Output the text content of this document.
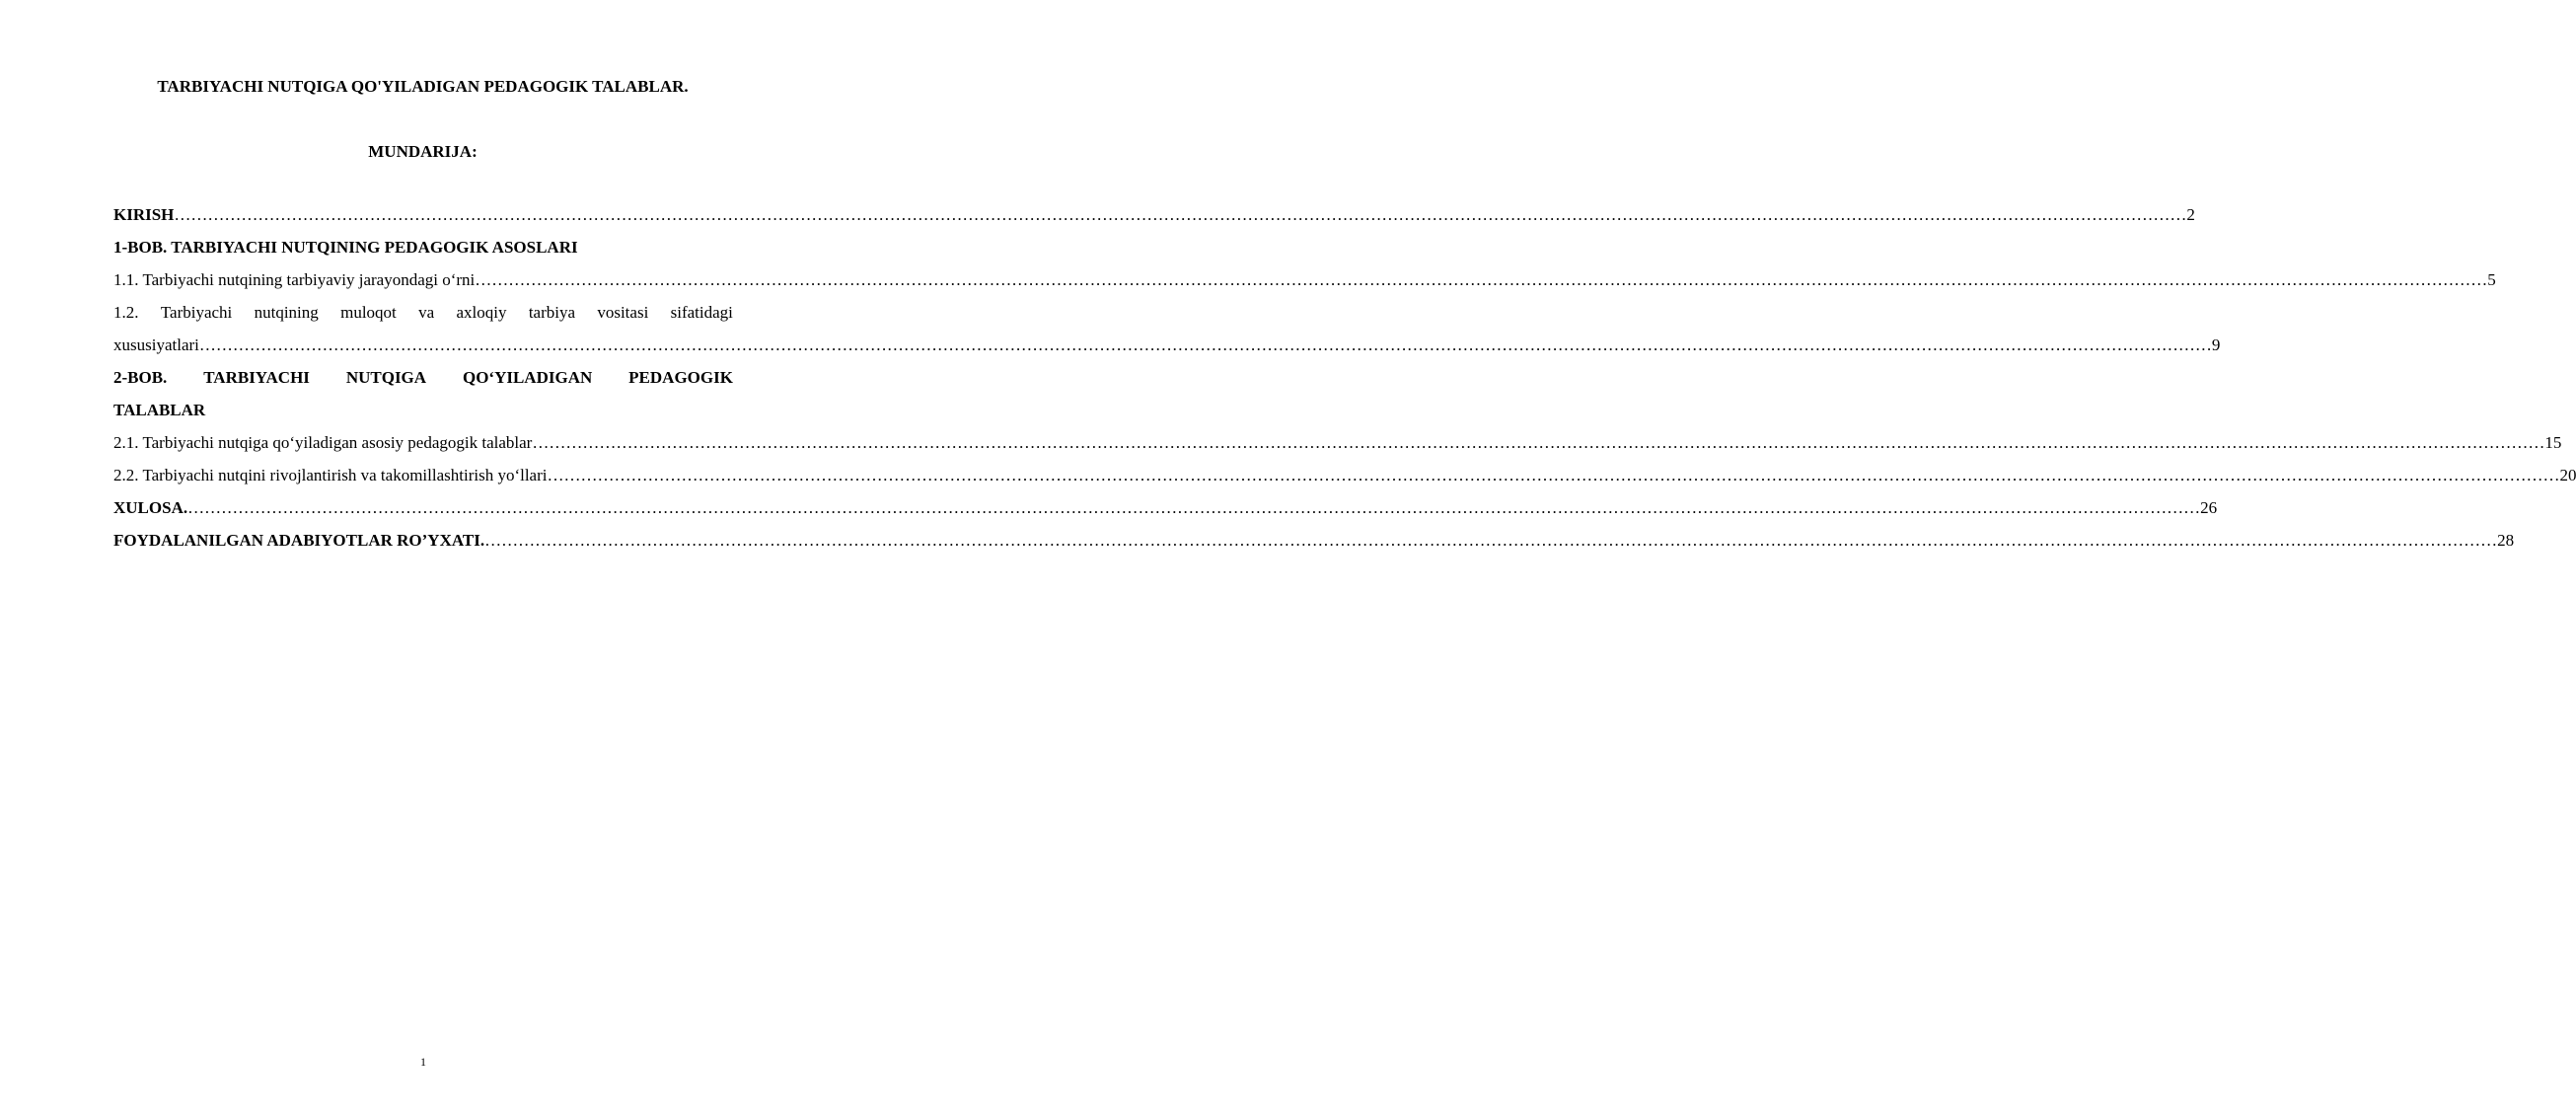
TARBIYACHI NUTQIGA QO'YILADIGAN PEDAGOGIK TALABLAR.
MUNDARIJA:
KIRISH ……………………………………………………………………………………………………………………………………………………………………………………………………………………………………………………………………………………………………………………………… 2
1-BOB. TARBIYACHI NUTQINING PEDAGOGIK ASOSLARI
1.1. Tarbiyachi nutqining tarbiyaviy jarayondagi o‘rni ……………………………………………………………………………………………………………………………………………………………………………………………………………………………………………………………………………………………………………………………… 5
1.2. Tarbiyachi nutqining muloqot va axloqiy tarbiya vositasi sifatidagi
xususiyatlari ……………………………………………………………………………………………………………………………………………………………………………………………………………………………………………………………………………………………………………………………… 9
2-BOB. TARBIYACHI NUTQIGA QO‘YILADIGAN PEDAGOGIK
TALABLAR
2.1. Tarbiyachi nutqiga qo‘yiladigan asosiy pedagogik talablar ……………………………………………………………………………………………………………………………………………………………………………………………………………………………………………………………………………………………………………………………… 15
2.2. Tarbiyachi nutqini rivojlantirish va takomillashtirish yo‘llari ……………………………………………………………………………………………………………………………………………………………………………………………………………………………………………………………………………………………………………………………… 20
XULOSA. ……………………………………………………………………………………………………………………………………………………………………………………………………………………………………………………………………………………………………………………………… 26
FOYDALANILGAN ADABIYOTLAR RO’YXATI. ……………………………………………………………………………………………………………………………………………………………………………………………………………………………………………………………………………………………………………………………… 28
1
